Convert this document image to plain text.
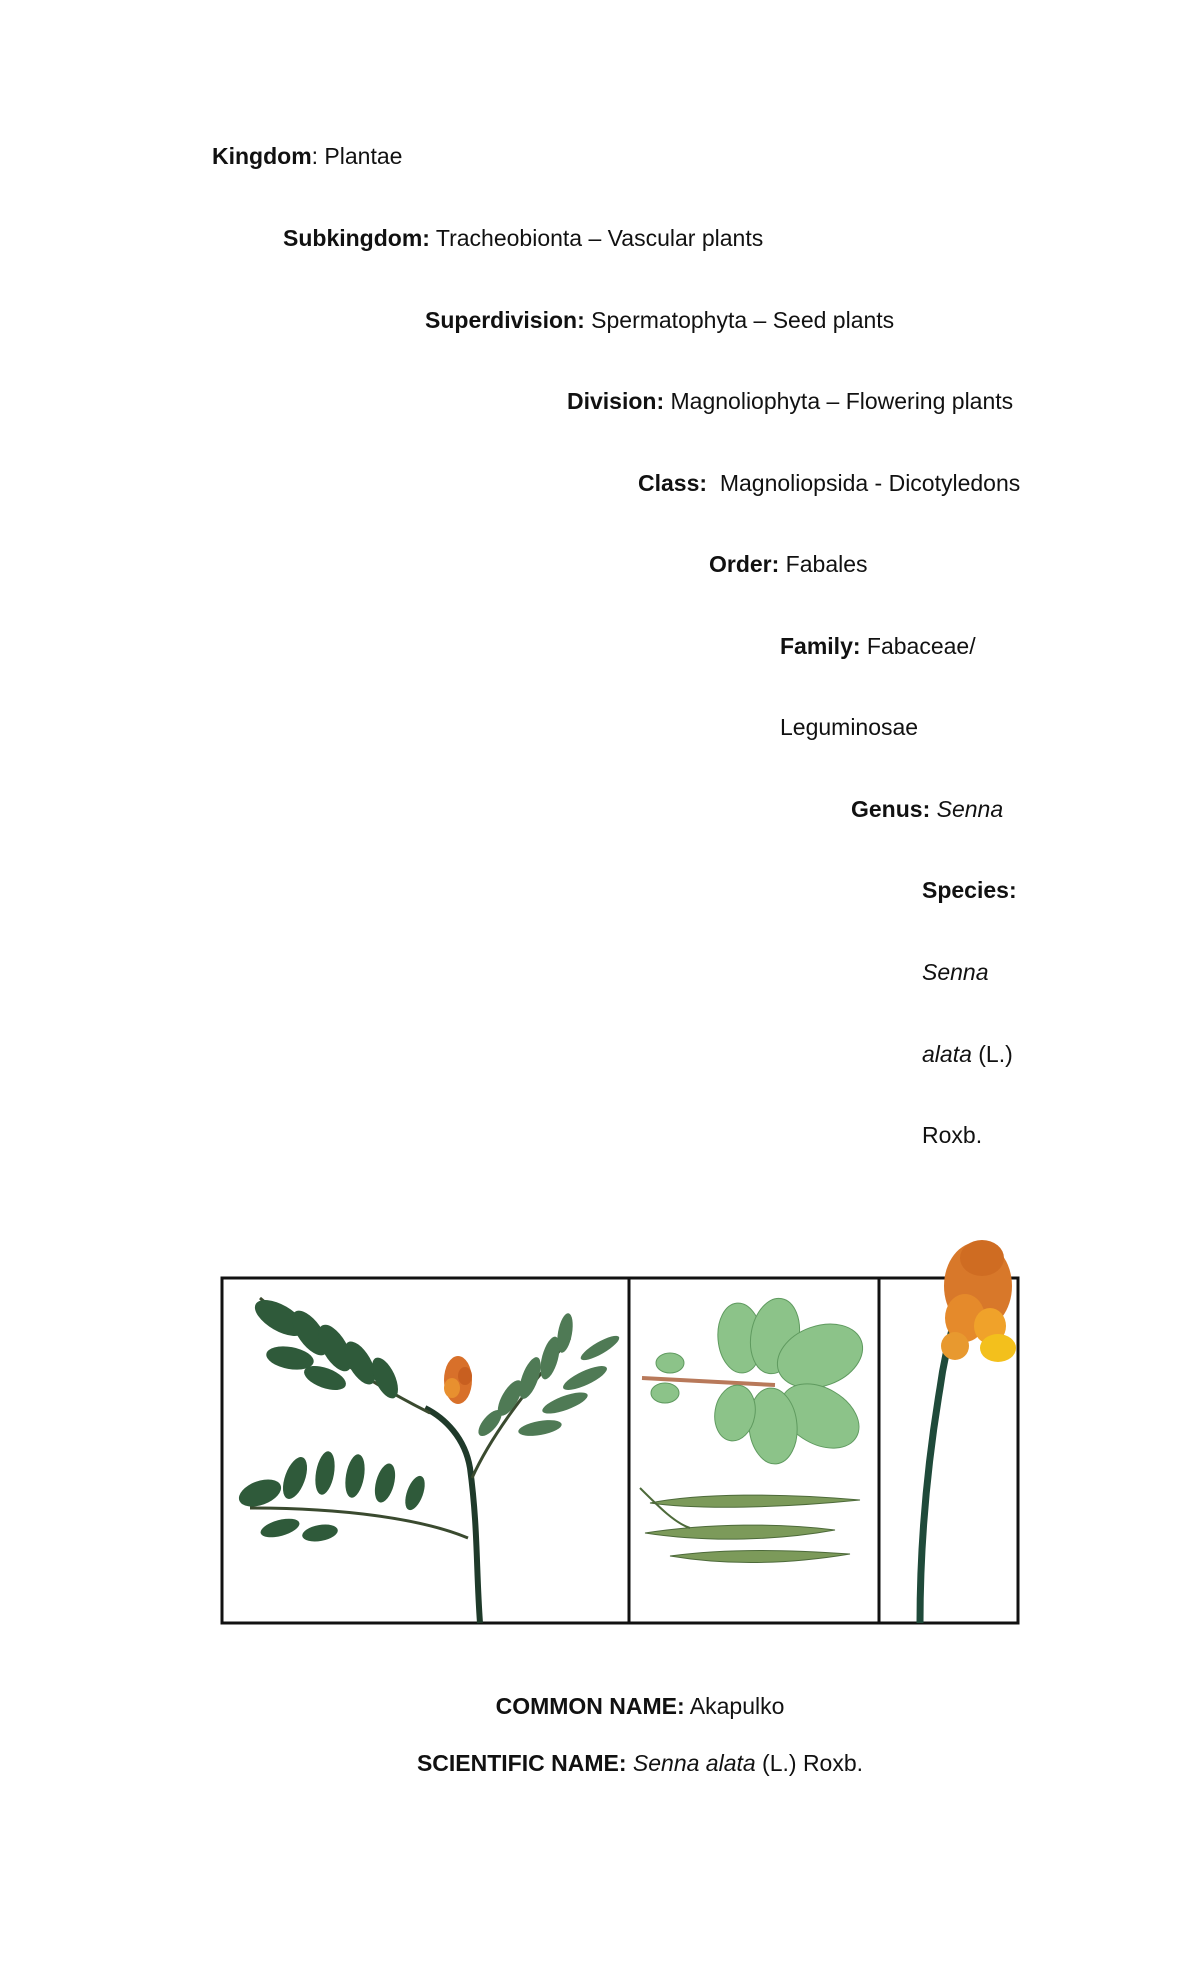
Kingdom: Plantae
Subkingdom: Tracheobionta – Vascular plants
Superdivision: Spermatophyta – Seed plants
Division: Magnoliophyta – Flowering plants
Class:  Magnoliopsida - Dicotyledons
Order: Fabales
Family: Fabaceae/
Leguminosae
Genus: Senna
Species:
Senna
alata (L.)
Roxb.
COMMON NAME: Akapulko
SCIENTIFIC NAME: Senna alata (L.) Roxb.
